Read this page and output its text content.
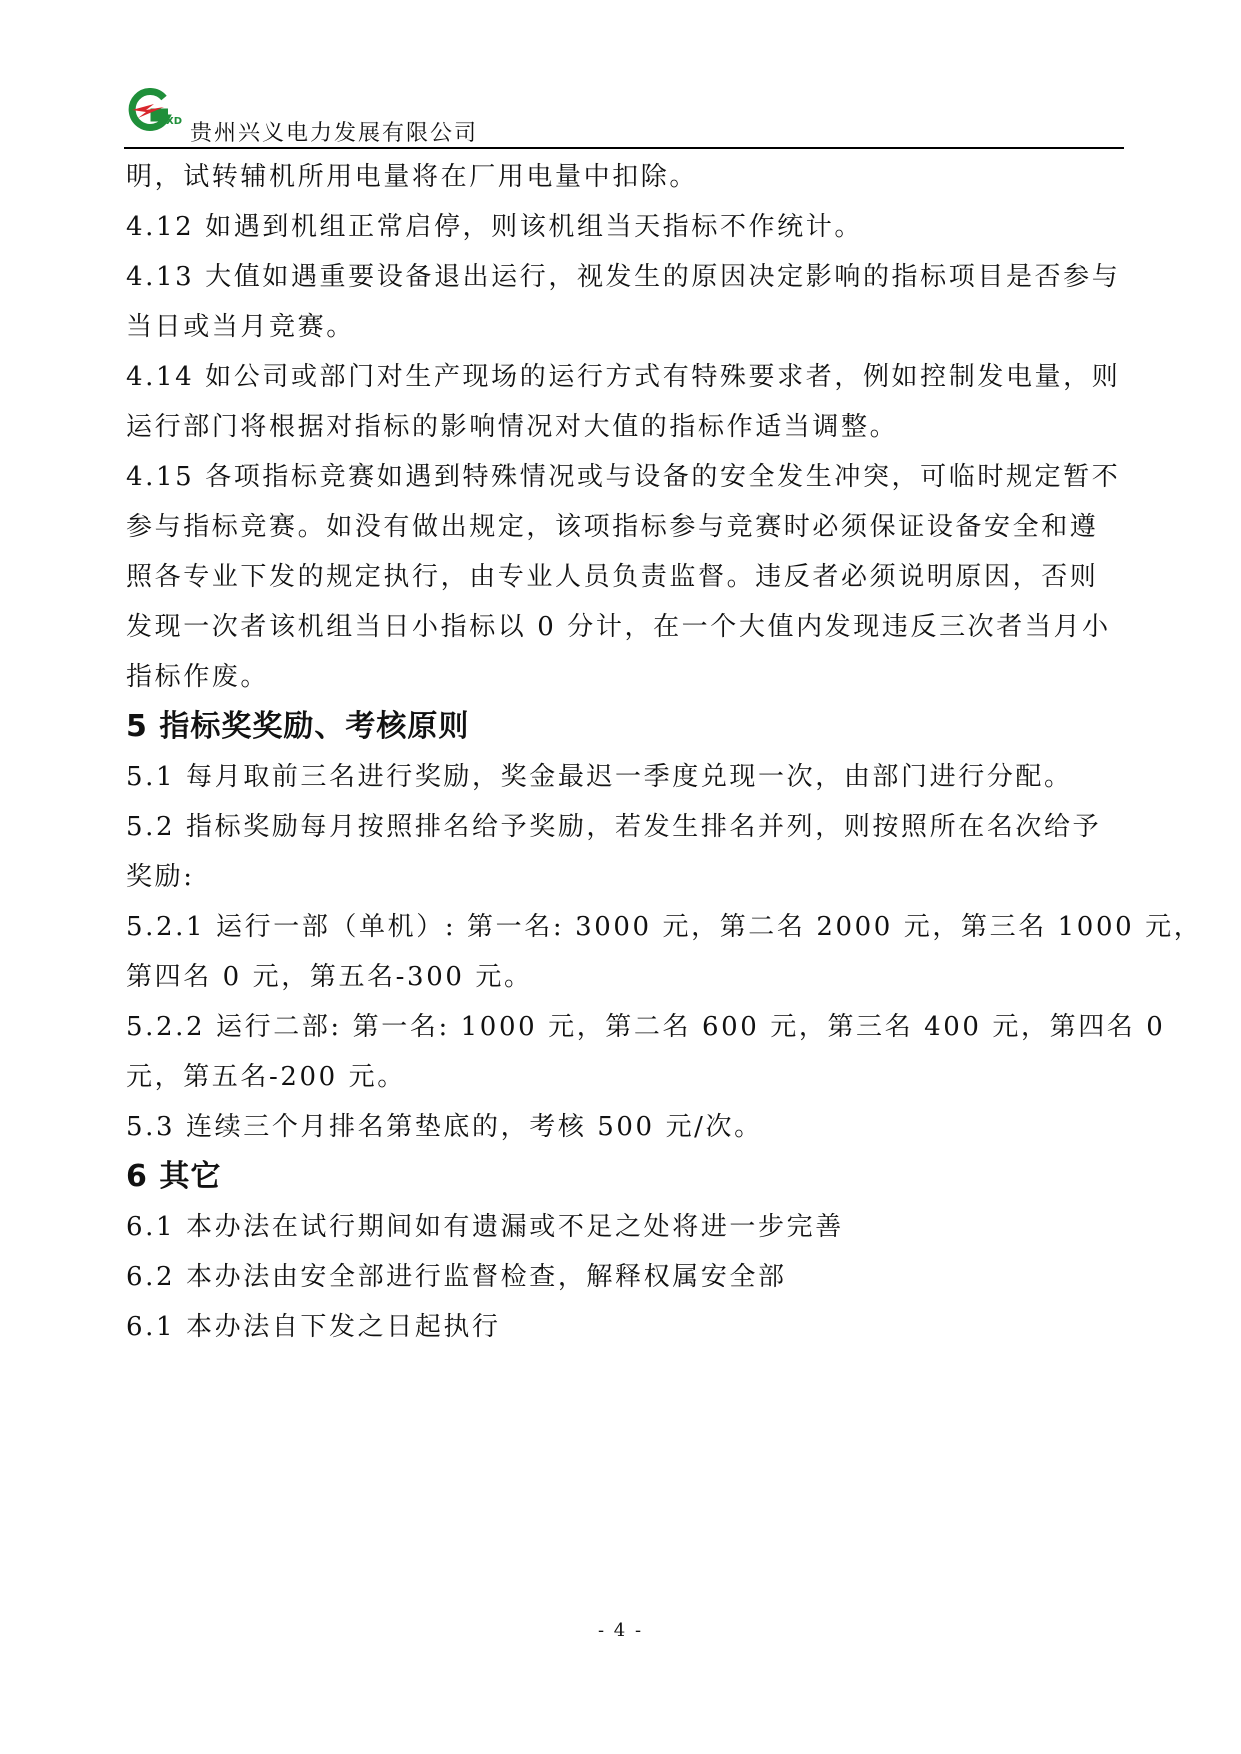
XD 贵州兴义电力发展有限公司

明，试转辅机所用电量将在厂用电量中扣除。

4.12 如遇到机组正常启停，则该机组当天指标不作统计。

4.13 大值如遇重要设备退出运行，视发生的原因决定影响的指标项目是否参与

当日或当月竞赛。

4.14 如公司或部门对生产现场的运行方式有特殊要求者，例如控制发电量，则

运行部门将根据对指标的影响情况对大值的指标作适当调整。

4.15 各项指标竞赛如遇到特殊情况或与设备的安全发生冲突，可临时规定暂不

参与指标竞赛。如没有做出规定，该项指标参与竞赛时必须保证设备安全和遵

照各专业下发的规定执行，由专业人员负责监督。违反者必须说明原因，否则

发现一次者该机组当日小指标以 0 分计，在一个大值内发现违反三次者当月小

指标作废。

5 指标奖奖励、考核原则

5.1 每月取前三名进行奖励，奖金最迟一季度兑现一次，由部门进行分配。

5.2 指标奖励每月按照排名给予奖励，若发生排名并列，则按照所在名次给予

奖励:

5.2.1 运行一部（单机）: 第一名: 3000 元，第二名 2000 元，第三名 1000 元，

第四名 0 元，第五名-300 元。

5.2.2 运行二部: 第一名: 1000 元，第二名 600 元，第三名 400 元，第四名 0

元，第五名-200 元。

5.3 连续三个月排名第垫底的，考核 500 元/次。

6 其它

6.1 本办法在试行期间如有遗漏或不足之处将进一步完善

6.2 本办法由安全部进行监督检查，解释权属安全部

6.1 本办法自下发之日起执行

- 4 -
